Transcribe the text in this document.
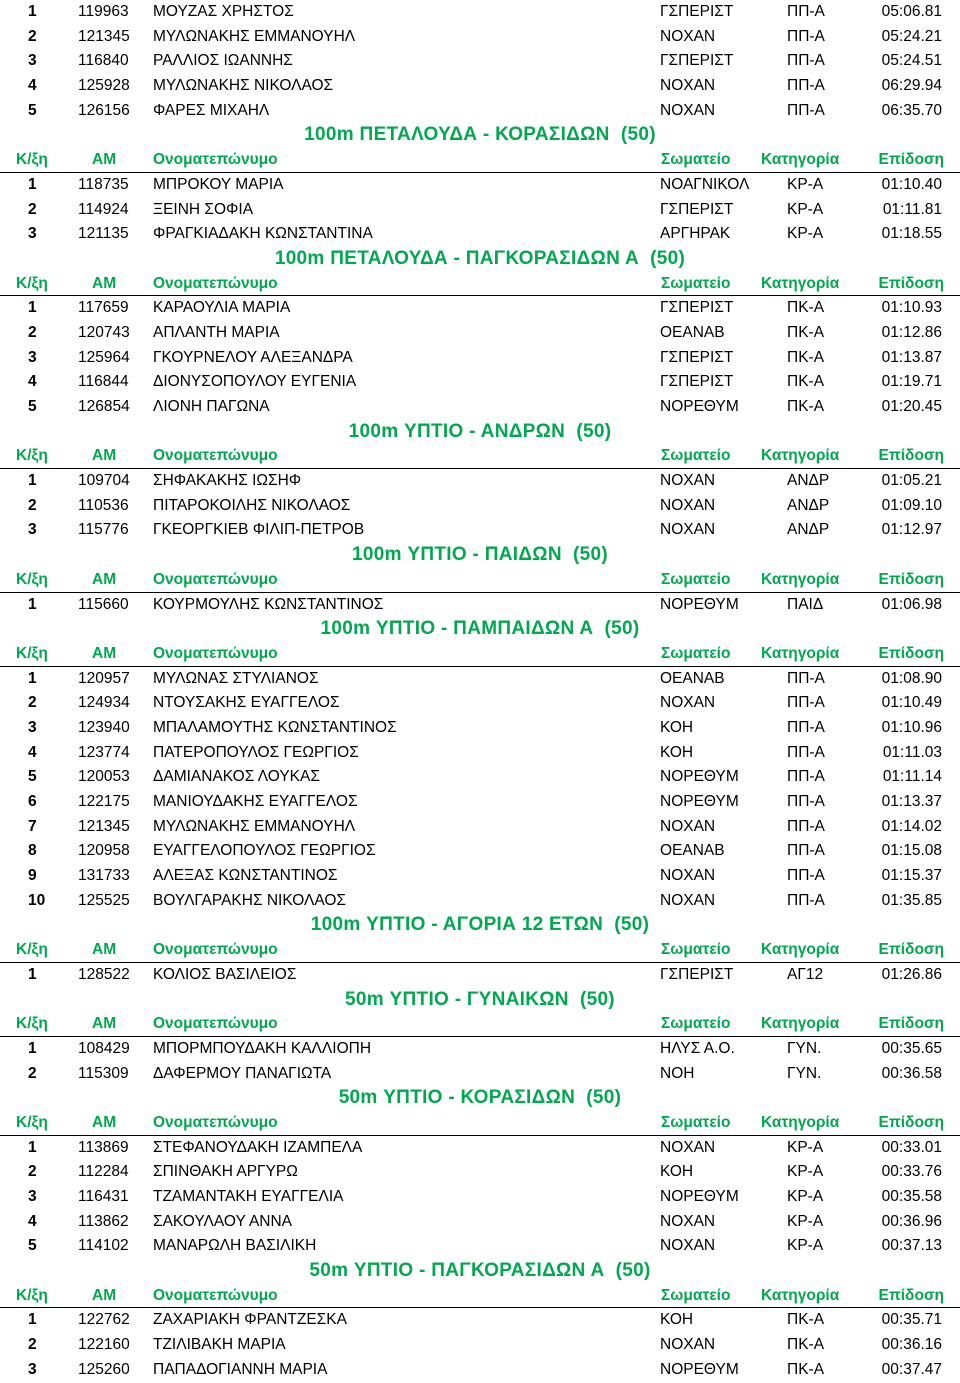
1	119963 ΜΟΥΖΑΣ ΧΡΗΣΤΟΣ	ΓΣΠΕΡΙΣΤ	ΠΠ-Α	05:06.81
2	121345 ΜΥΛΩΝΑΚΗΣ ΕΜΜΑΝΟΥΗΛ	ΝΟΧΑΝ	ΠΠ-Α	05:24.21
3	116840 ΡΑΛΛΙΟΣ ΙΩΑΝΝΗΣ	ΓΣΠΕΡΙΣΤ	ΠΠ-Α	05:24.51
4	125928 ΜΥΛΩΝΑΚΗΣ ΝΙΚΟΛΑΟΣ	ΝΟΧΑΝ	ΠΠ-Α	06:29.94
5	126156 ΦΑΡΕΣ ΜΙΧΑΗΛ	ΝΟΧΑΝ	ΠΠ-Α	06:35.70
100m ΠΕΤΑΛΟΥΔΑ - ΚΟΡΑΣΙΔΩΝ  (50)
Κ/ξη	ΑΜ Ονοματεπώνυμο	Σωματείο Κατηγορία	Επίδοση
1	118735 ΜΠΡΟΚΟΥ ΜΑΡΙΑ	ΝΟΑΓΝΙΚΟΛ	ΚΡ-Α	01:10.40
2	114924 ΞΕΙΝΗ ΣΟΦΙΑ	ΓΣΠΕΡΙΣΤ	ΚΡ-Α	01:11.81
3	121135 ΦΡΑΓΚΙΑΔΑΚΗ ΚΩΝΣΤΑΝΤΙΝΑ	ΑΡΓΗΡΑΚ	ΚΡ-Α	01:18.55
100m ΠΕΤΑΛΟΥΔΑ - ΠΑΓΚΟΡΑΣΙΔΩΝ Α  (50)
Κ/ξη	ΑΜ Ονοματεπώνυμο	Σωματείο Κατηγορία	Επίδοση
1	117659 ΚΑΡΑΟΥΛΙΑ ΜΑΡΙΑ	ΓΣΠΕΡΙΣΤ	ΠΚ-Α	01:10.93
2	120743 ΑΠΛΑΝΤΗ ΜΑΡΙΑ	ΟΕΑΝΑΒ	ΠΚ-Α	01:12.86
3	125964 ΓΚΟΥΡΝΕΛΟΥ ΑΛΕΞΑΝΔΡΑ	ΓΣΠΕΡΙΣΤ	ΠΚ-Α	01:13.87
4	116844 ΔΙΟΝΥΣΟΠΟΥΛΟΥ ΕΥΓΕΝΙΑ	ΓΣΠΕΡΙΣΤ	ΠΚ-Α	01:19.71
5	126854 ΛΙΟΝΗ ΠΑΓΩΝΑ	ΝΟΡΕΘΥΜ	ΠΚ-Α	01:20.45
100m ΥΠΤΙΟ - ΑΝΔΡΩΝ  (50)
Κ/ξη	ΑΜ Ονοματεπώνυμο	Σωματείο Κατηγορία	Επίδοση
1	109704 ΣΗΦΑΚΑΚΗΣ ΙΩΣΗΦ	ΝΟΧΑΝ	ΑΝΔΡ	01:05.21
2	110536 ΠΙΤΑΡΟΚΟΙΛΗΣ ΝΙΚΟΛΑΟΣ	ΝΟΧΑΝ	ΑΝΔΡ	01:09.10
3	115776 ΓΚΕΟΡΓΚΙΕΒ ΦΙΛΙΠ-ΠΕΤΡΟΒ	ΝΟΧΑΝ	ΑΝΔΡ	01:12.97
100m ΥΠΤΙΟ - ΠΑΙΔΩΝ  (50)
Κ/ξη	ΑΜ Ονοματεπώνυμο	Σωματείο Κατηγορία	Επίδοση
1	115660 ΚΟΥΡΜΟΥΛΗΣ ΚΩΝΣΤΑΝΤΙΝΟΣ	ΝΟΡΕΘΥΜ	ΠΑΙΔ	01:06.98
100m ΥΠΤΙΟ - ΠΑΜΠΑΙΔΩΝ Α  (50)
Κ/ξη	ΑΜ Ονοματεπώνυμο	Σωματείο Κατηγορία	Επίδοση
1	120957 ΜΥΛΩΝΑΣ ΣΤΥΛΙΑΝΟΣ	ΟΕΑΝΑΒ	ΠΠ-Α	01:08.90
2	124934 ΝΤΟΥΣΑΚΗΣ ΕΥΑΓΓΕΛΟΣ	ΝΟΧΑΝ	ΠΠ-Α	01:10.49
3	123940 ΜΠΑΛΑΜΟΥΤΗΣ ΚΩΝΣΤΑΝΤΙΝΟΣ	ΚΟΗ	ΠΠ-Α	01:10.96
4	123774 ΠΑΤΕΡΟΠΟΥΛΟΣ ΓΕΩΡΓΙΟΣ	ΚΟΗ	ΠΠ-Α	01:11.03
5	120053 ΔΑΜΙΑΝΑΚΟΣ ΛΟΥΚΑΣ	ΝΟΡΕΘΥΜ	ΠΠ-Α	01:11.14
6	122175 ΜΑΝΙΟΥΔΑΚΗΣ ΕΥΑΓΓΕΛΟΣ	ΝΟΡΕΘΥΜ	ΠΠ-Α	01:13.37
7	121345 ΜΥΛΩΝΑΚΗΣ ΕΜΜΑΝΟΥΗΛ	ΝΟΧΑΝ	ΠΠ-Α	01:14.02
8	120958 ΕΥΑΓΓΕΛΟΠΟΥΛΟΣ ΓΕΩΡΓΙΟΣ	ΟΕΑΝΑΒ	ΠΠ-Α	01:15.08
9	131733 ΑΛΕΞΑΣ ΚΩΝΣΤΑΝΤΙΝΟΣ	ΝΟΧΑΝ	ΠΠ-Α	01:15.37
10 125525 ΒΟΥΛΓΑΡΑΚΗΣ ΝΙΚΟΛΑΟΣ	ΝΟΧΑΝ	ΠΠ-Α	01:35.85
100m ΥΠΤΙΟ - ΑΓΟΡΙΑ 12 ΕΤΩΝ  (50)
Κ/ξη	ΑΜ Ονοματεπώνυμο	Σωματείο Κατηγορία	Επίδοση
1	128522 ΚΟΛΙΟΣ ΒΑΣΙΛΕΙΟΣ	ΓΣΠΕΡΙΣΤ	ΑΓ12	01:26.86
50m ΥΠΤΙΟ - ΓΥΝΑΙΚΩΝ  (50)
Κ/ξη	ΑΜ Ονοματεπώνυμο	Σωματείο Κατηγορία	Επίδοση
1	108429 ΜΠΟΡΜΠΟΥΔΑΚΗ ΚΑΛΛΙΟΠΗ	ΗΛΥΣ Α.Ο.	ΓΥΝ.	00:35.65
2	115309 ΔΑΦΕΡΜΟΥ ΠΑΝΑΓΙΩΤΑ	ΝΟΗ	ΓΥΝ.	00:36.58
50m ΥΠΤΙΟ - ΚΟΡΑΣΙΔΩΝ  (50)
Κ/ξη	ΑΜ Ονοματεπώνυμο	Σωματείο Κατηγορία	Επίδοση
1	113869 ΣΤΕΦΑΝΟΥΔΑΚΗ ΙΖΑΜΠΕΛΑ	ΝΟΧΑΝ	ΚΡ-Α	00:33.01
2	112284 ΣΠΙΝΘΑΚΗ ΑΡΓΥΡΩ	ΚΟΗ	ΚΡ-Α	00:33.76
3	116431 ΤΖΑΜΑΝΤΑΚΗ ΕΥΑΓΓΕΛΙΑ	ΝΟΡΕΘΥΜ	ΚΡ-Α	00:35.58
4	113862 ΣΑΚΟΥΛΑΟΥ ΑΝΝΑ	ΝΟΧΑΝ	ΚΡ-Α	00:36.96
5	114102 ΜΑΝΑΡΩΛΗ ΒΑΣΙΛΙΚΗ	ΝΟΧΑΝ	ΚΡ-Α	00:37.13
50m ΥΠΤΙΟ - ΠΑΓΚΟΡΑΣΙΔΩΝ Α  (50)
Κ/ξη	ΑΜ Ονοματεπώνυμο	Σωματείο Κατηγορία	Επίδοση
1	122762 ΖΑΧΑΡΙΑΚΗ ΦΡΑΝΤΖΕΣΚΑ	ΚΟΗ	ΠΚ-Α	00:35.71
2	122160 ΤΖΙΛΙΒΑΚΗ ΜΑΡΙΑ	ΝΟΧΑΝ	ΠΚ-Α	00:36.16
3	125260 ΠΑΠΑΔΟΓΙΑΝΝΗ ΜΑΡΙΑ	ΝΟΡΕΘΥΜ	ΠΚ-Α	00:37.47
